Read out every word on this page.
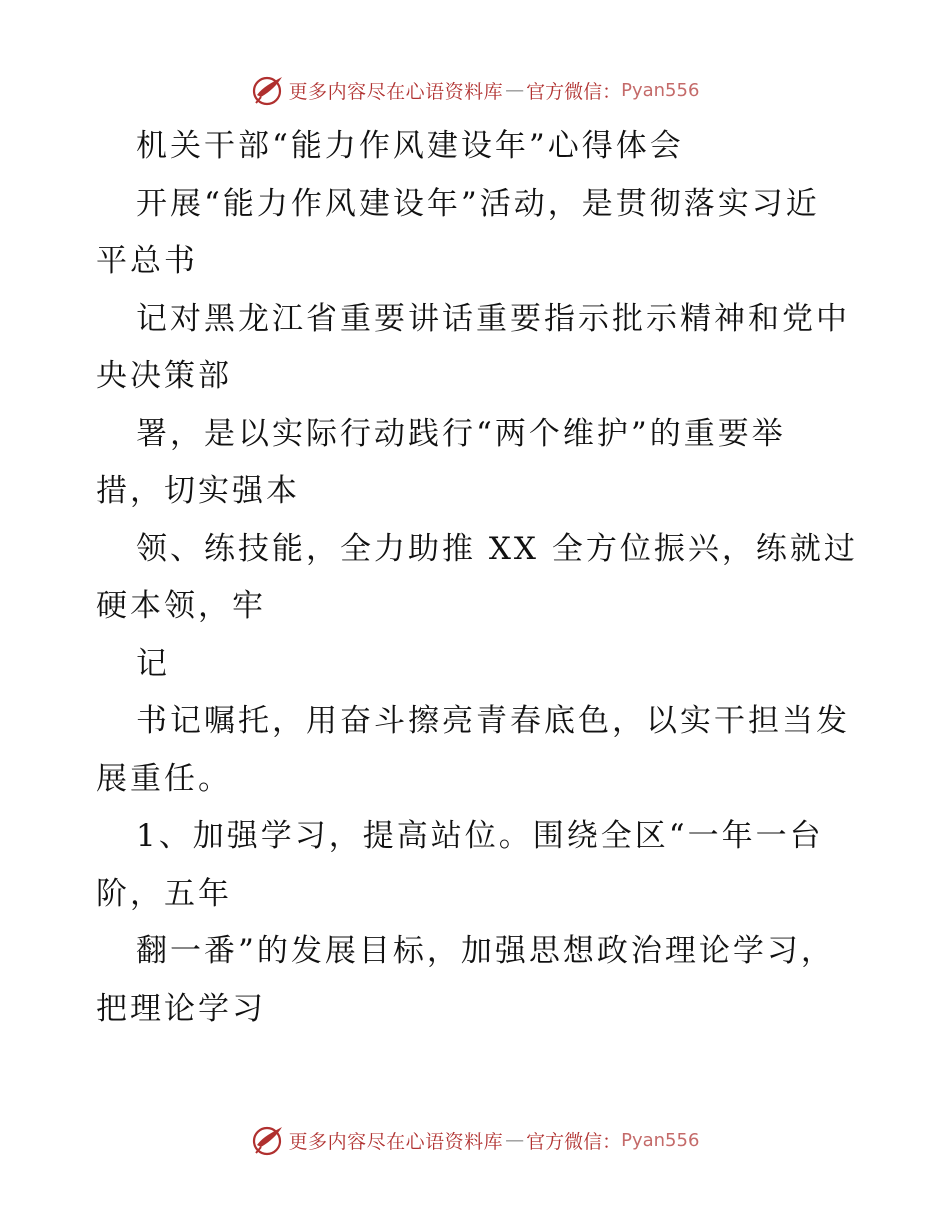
更多内容尽在心语资料库 — 官方微信： Pyan556
机关干部“能力作风建设年”心得体会
开展“能力作风建设年”活动，是贯彻落实习近
平总书
记对黑龙江省重要讲话重要指示批示精神和党中
央决策部
署，是以实际行动践行“两个维护”的重要举
措，切实强本
领、练技能，全力助推 XX 全方位振兴，练就过
硬本领，牢
记
书记嘱托，用奋斗擦亮青春底色，以实干担当发
展重任。
1、加强学习，提高站位。围绕全区“一年一台
阶，五年
翻一番”的发展目标，加强思想政治理论学习，
把理论学习
更多内容尽在心语资料库 — 官方微信： Pyan556
